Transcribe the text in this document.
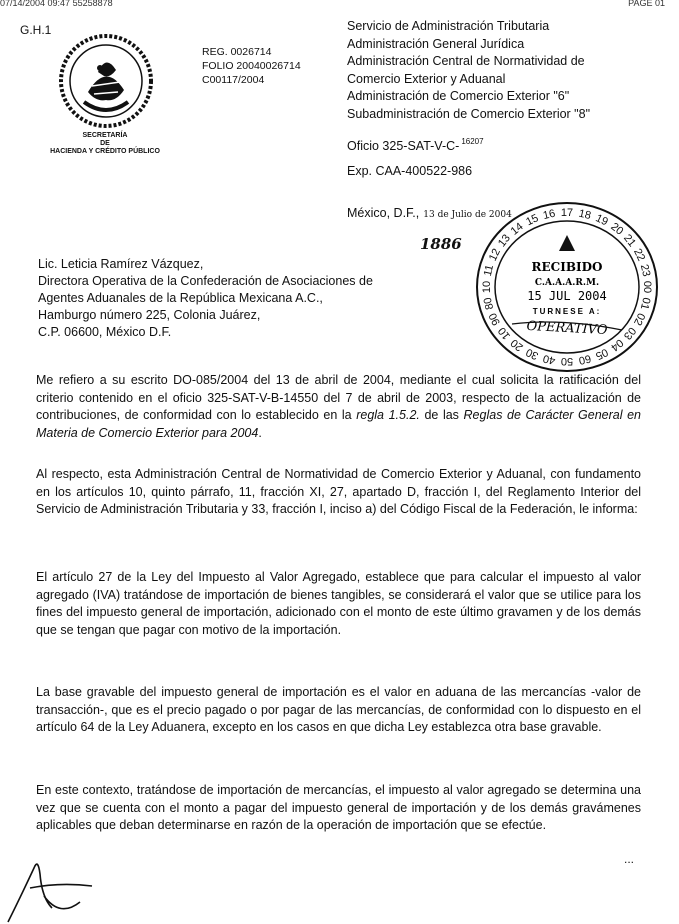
07/14/2004 09:47 55258878	PAGE 01
G.H.1
SECRETARÍA
DE
HACIENDA Y CRÉDITO PÚBLICO
REG. 0026714
FOLIO 20040026714
C00117/2004
Servicio de Administración Tributaria
Administración General Jurídica
Administración Central de Normatividad de
Comercio Exterior y Aduanal
Administración de Comercio Exterior "6"
Subadministración de Comercio Exterior "8"
Oficio 325-SAT-V-C- $^{16207}$
Exp. CAA-400522-986
México, D.F., 13 de Julio de 2004
1886
10
11
12
13
14
15 16 17 18 19
20
21
22
23
00
01
02
03
04
05
60
50
40
30
20
10
90
80
RECIBIDO
C.A.A.A.R.M.
15 JUL 2004
TURNESE A:
OPERATIVO
Lic. Leticia Ramírez Vázquez,
Directora Operativa de la Confederación de Asociaciones de
Agentes Aduanales de la República Mexicana A.C.,
Hamburgo número 225, Colonia Juárez,
C.P. 06600, México D.F.
Me refiero a su escrito DO-085/2004 del 13 de abril de 2004, mediante el cual solicita la ratificación del criterio contenido en el oficio 325-SAT-V-B-14550 del 7 de abril de 2003, respecto de la actualización de contribuciones, de conformidad con lo establecido en la regla 1.5.2. de las Reglas de Carácter General en Materia de Comercio Exterior para 2004.
Al respecto, esta Administración Central de Normatividad de Comercio Exterior y Aduanal, con fundamento en los artículos 10, quinto párrafo, 11, fracción XI, 27, apartado D, fracción I, del Reglamento Interior del Servicio de Administración Tributaria y 33, fracción I, inciso a) del Código Fiscal de la Federación, le informa:
El artículo 27 de la Ley del Impuesto al Valor Agregado, establece que para calcular el impuesto al valor agregado (IVA) tratándose de importación de bienes tangibles, se considerará el valor que se utilice para los fines del impuesto general de importación, adicionado con el monto de este último gravamen y de los demás que se tengan que pagar con motivo de la importación.
La base gravable del impuesto general de importación es el valor en aduana de las mercancías -valor de transacción-, que es el precio pagado o por pagar de las mercancías, de conformidad con lo dispuesto en el artículo 64 de la Ley Aduanera, excepto en los casos en que dicha Ley establezca otra base gravable.
En este contexto, tratándose de importación de mercancías, el impuesto al valor agregado se determina una vez que se cuenta con el monto a pagar del impuesto general de importación y de los demás gravámenes aplicables que deban determinarse en razón de la operación de importación que se efectúe.
...
